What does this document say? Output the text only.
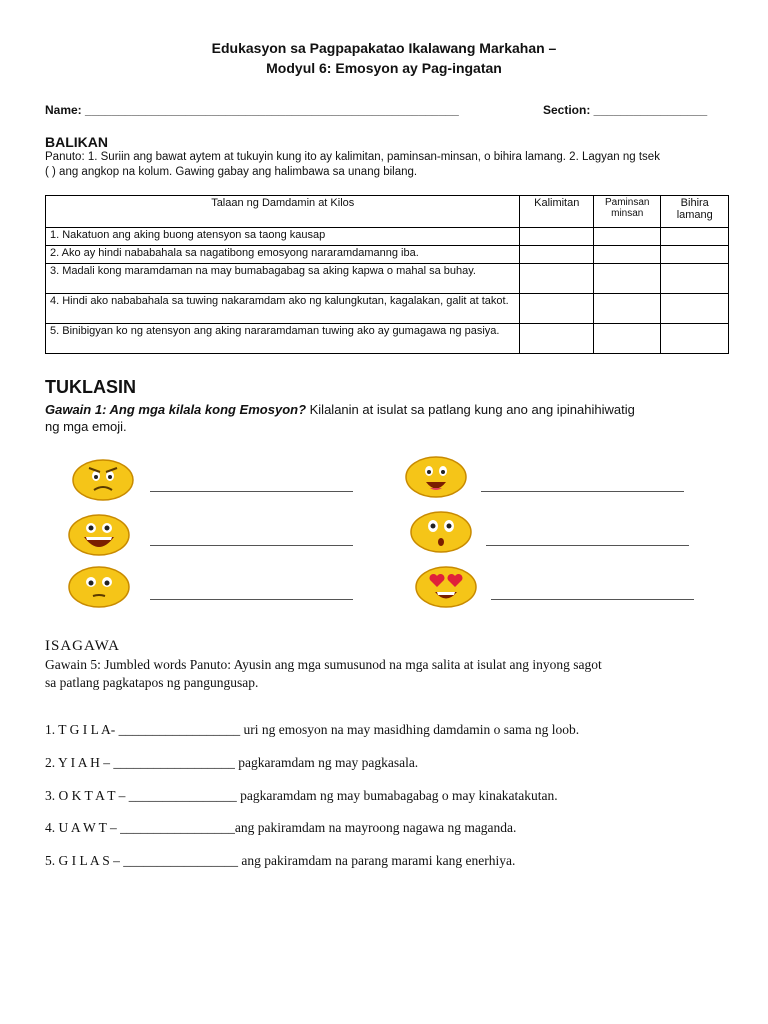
Edukasyon sa Pagpapakatao Ikalawang Markahan –
Modyul 6: Emosyon ay Pag-ingatan
Name: ________________________________________________________	Section: _________________
BALIKAN
Panuto: 1. Suriin ang bawat aytem at tukuyin kung ito ay kalimitan, paminsan-minsan, o bihira lamang. 2. Lagyan ng tsek
( ) ang angkop na kolum. Gawing gabay ang halimbawa sa unang bilang.
Talaan ng Damdamin at Kilos	Kalimitan	Paminsan minsan	Bihira lamang
1. Nakatuon ang aking buong atensyon sa taong kausap			
2. Ako ay hindi nababahala sa nagatibong emosyong nararamdamanng iba.			
3. Madali kong maramdaman na may bumabagabag sa aking kapwa o mahal sa buhay.			
4. Hindi ako nababahala sa tuwing nakaramdam ako ng kalungkutan, kagalakan, galit at takot.			
5. Binibigyan ko ng atensyon ang aking nararamdaman tuwing ako ay gumagawa ng pasiya.			
TUKLASIN
Gawain 1: Ang mga kilala kong Emosyon? Kilalanin at isulat sa patlang kung ano ang ipinahihiwatig
ng mga emoji.
ISAGAWA
Gawain 5: Jumbled words Panuto: Ayusin ang mga sumusunod na mga salita at isulat ang inyong sagot
sa patlang pagkatapos ng pangungusap.
1. T G I L A- __________________ uri ng emosyon na may masidhing damdamin o sama ng loob.
2. Y I A H – __________________ pagkaramdam ng may pagkasala.
3. O K T A T – ________________ pagkaramdam ng may bumabagabag o may kinakatakutan.
4. U A W T – _________________ang pakiramdam na mayroong nagawa ng maganda.
5. G I L A S – _________________ ang pakiramdam na parang marami kang enerhiya.
